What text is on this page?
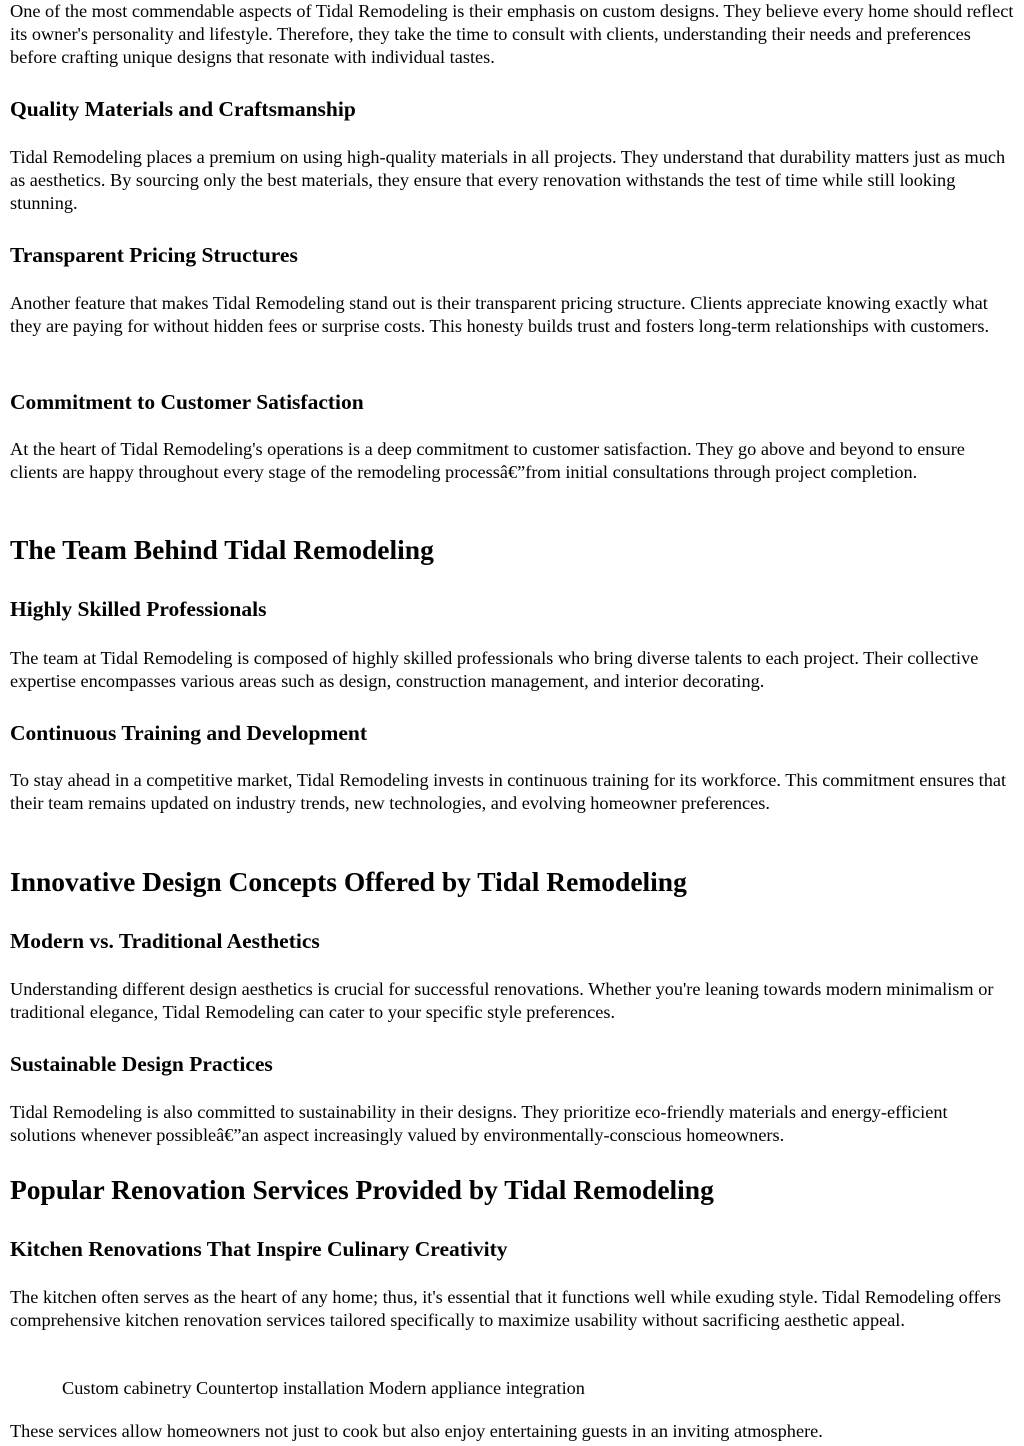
One of the most commendable aspects of Tidal Remodeling is their emphasis on custom designs. They believe every home should reflect its owner's personality and lifestyle. Therefore, they take the time to consult with clients, understanding their needs and preferences before crafting unique designs that resonate with individual tastes.

Quality Materials and Craftsmanship

Tidal Remodeling places a premium on using high-quality materials in all projects. They understand that durability matters just as much as aesthetics. By sourcing only the best materials, they ensure that every renovation withstands the test of time while still looking stunning.

Transparent Pricing Structures

Another feature that makes Tidal Remodeling stand out is their transparent pricing structure. Clients appreciate knowing exactly what they are paying for without hidden fees or surprise costs. This honesty builds trust and fosters long-term relationships with customers.

Commitment to Customer Satisfaction

At the heart of Tidal Remodeling's operations is a deep commitment to customer satisfaction. They go above and beyond to ensure clients are happy throughout every stage of the remodeling processâ€”from initial consultations through project completion.

The Team Behind Tidal Remodeling
Highly Skilled Professionals

The team at Tidal Remodeling is composed of highly skilled professionals who bring diverse talents to each project. Their collective expertise encompasses various areas such as design, construction management, and interior decorating.

Continuous Training and Development

To stay ahead in a competitive market, Tidal Remodeling invests in continuous training for its workforce. This commitment ensures that their team remains updated on industry trends, new technologies, and evolving homeowner preferences.

Innovative Design Concepts Offered by Tidal Remodeling
Modern vs. Traditional Aesthetics

Understanding different design aesthetics is crucial for successful renovations. Whether you're leaning towards modern minimalism or traditional elegance, Tidal Remodeling can cater to your specific style preferences.

Sustainable Design Practices

Tidal Remodeling is also committed to sustainability in their designs. They prioritize eco-friendly materials and energy-efficient solutions whenever possibleâ€”an aspect increasingly valued by environmentally-conscious homeowners.

Popular Renovation Services Provided by Tidal Remodeling
Kitchen Renovations That Inspire Culinary Creativity

The kitchen often serves as the heart of any home; thus, it's essential that it functions well while exuding style. Tidal Remodeling offers comprehensive kitchen renovation services tailored specifically to maximize usability without sacrificing aesthetic appeal.

Custom cabinetry Countertop installation Modern appliance integration

These services allow homeowners not just to cook but also enjoy entertaining guests in an inviting atmosphere.
